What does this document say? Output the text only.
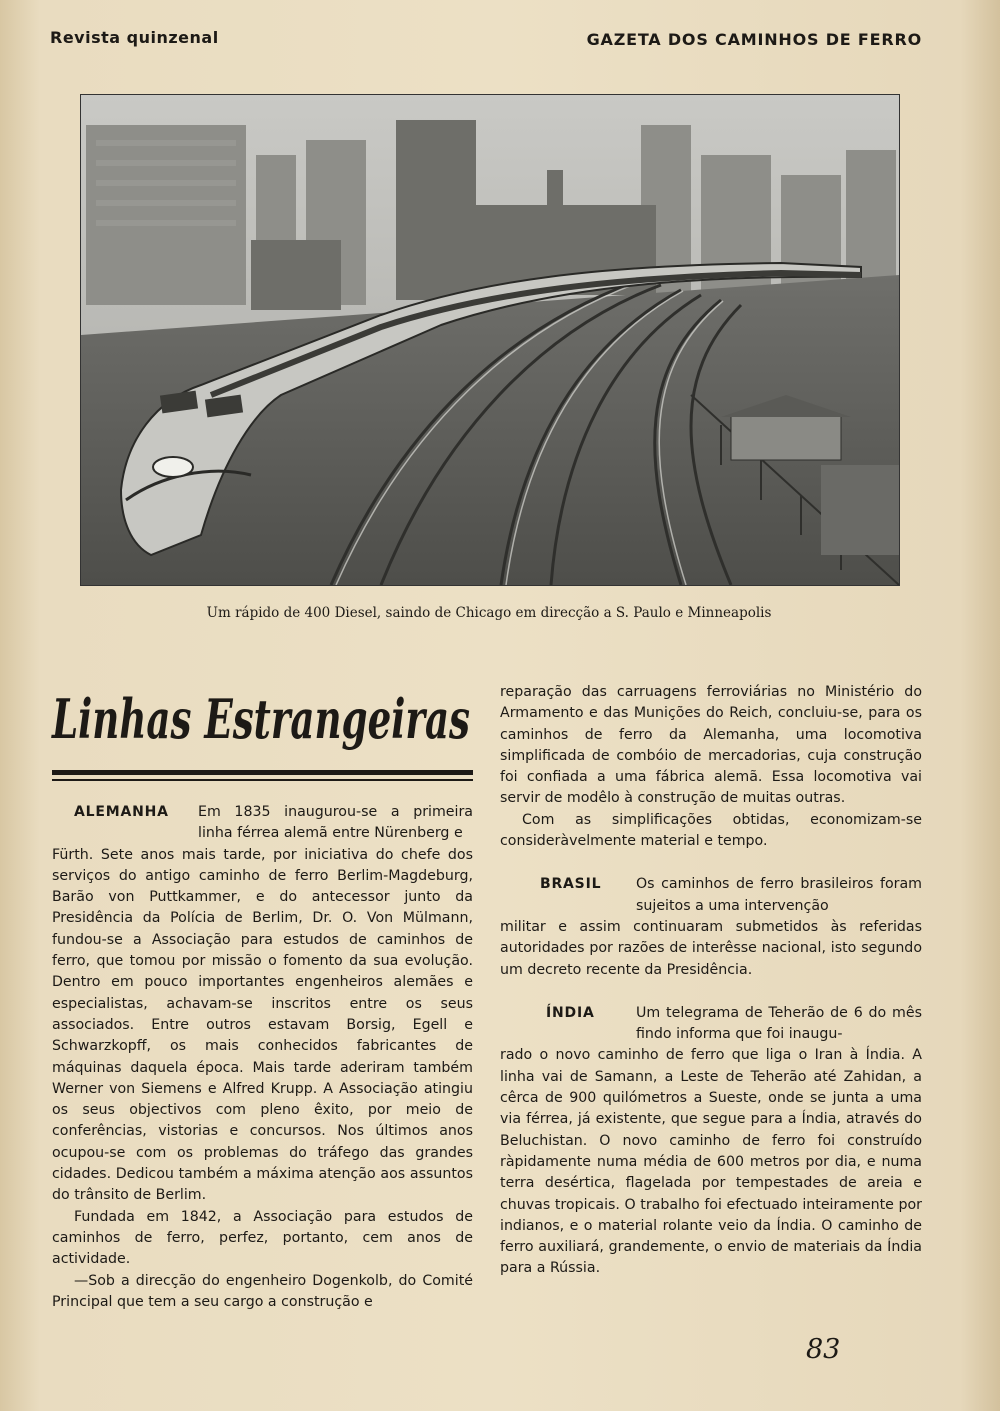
Revista quinzenal	GAZETA DOS CAMINHOS DE FERRO
Um rápido de 400 Diesel, saindo de Chicago em direcção a S. Paulo e Minneapolis
Linhas Estrangeiras
ALEMANHA	Em 1835 inaugurou-se a primeira linha férrea alemã entre Nürenberg e

Fürth. Sete anos mais tarde, por iniciativa do chefe dos serviços do antigo caminho de ferro Berlim-Magdeburg, Barão von Puttkammer, e do antecessor junto da Presidência da Polícia de Berlim, Dr. O. Von Mülmann, fundou-se a Associação para estudos de caminhos de ferro, que tomou por missão o fomento da sua evolução. Dentro em pouco importantes engenheiros alemães e especialistas, achavam-se inscritos entre os seus associados. Entre outros estavam Borsig, Egell e Schwarzkopff, os mais conhecidos fabricantes de máquinas daquela época. Mais tarde aderiram também Werner von Siemens e Alfred Krupp. A Associação atingiu os seus objectivos com pleno êxito, por meio de conferências, vistorias e concursos. Nos últimos anos ocupou-se com os problemas do tráfego das grandes cidades. Dedicou também a máxima atenção aos assuntos do trânsito de Berlim.

Fundada em 1842, a Associação para estudos de caminhos de ferro, perfez, portanto, cem anos de actividade.

—Sob a direcção do engenheiro Dogenkolb, do Comité Principal que tem a seu cargo a construção e

reparação das carruagens ferroviárias no Ministério do Armamento e das Munições do Reich, concluiu-se, para os caminhos de ferro da Alemanha, uma locomotiva simplificada de combóio de mercadorias, cuja construção foi confiada a uma fábrica alemã. Essa locomotiva vai servir de modêlo à construção de muitas outras.

Com as simplificações obtidas, economizam-se consideràvelmente material e tempo.

BRASIL	Os caminhos de ferro brasileiros foram sujeitos a uma intervenção

militar e assim continuaram submetidos às referidas autoridades por razões de interêsse nacional, isto segundo um decreto recente da Presidência.

ÍNDIA	Um telegrama de Teherão de 6 do mês findo informa que foi inaugu-

rado o novo caminho de ferro que liga o Iran à Índia. A linha vai de Samann, a Leste de Teherão até Zahidan, a cêrca de 900 quilómetros a Sueste, onde se junta a uma via férrea, já existente, que segue para a Índia, através do Beluchistan. O novo caminho de ferro foi construído ràpidamente numa média de 600 metros por dia, e numa terra desértica, flagelada por tempestades de areia e chuvas tropicais. O trabalho foi efectuado inteiramente por indianos, e o material rolante veio da Índia. O caminho de ferro auxiliará, grandemente, o envio de materiais da Índia para a Rússia.

83
